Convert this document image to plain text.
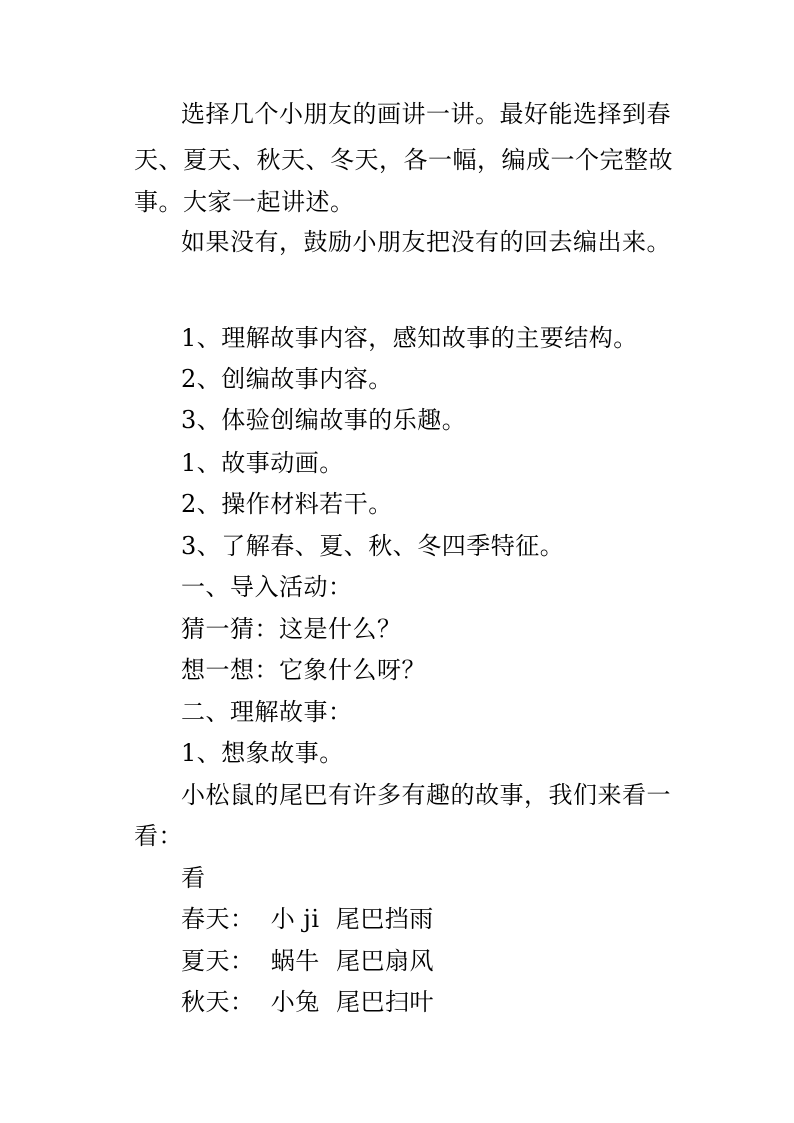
选择几个小朋友的画讲一讲。最好能选择到春

天、夏天、秋天、冬天，各一幅，编成一个完整故

事。大家一起讲述。

如果没有，鼓励小朋友把没有的回去编出来。

1、理解故事内容，感知故事的主要结构。

2、创编故事内容。

3、体验创编故事的乐趣。

1、故事动画。

2、操作材料若干。

3、了解春、夏、秋、冬四季特征。

一、导入活动：

猜一猜：这是什么？

想一想：它象什么呀？

二、理解故事：

1、想象故事。

小松鼠的尾巴有许多有趣的故事，我们来看一

看：

看

春天：  小 ji  尾巴挡雨

夏天：  蜗牛  尾巴扇风

秋天：  小兔  尾巴扫叶
